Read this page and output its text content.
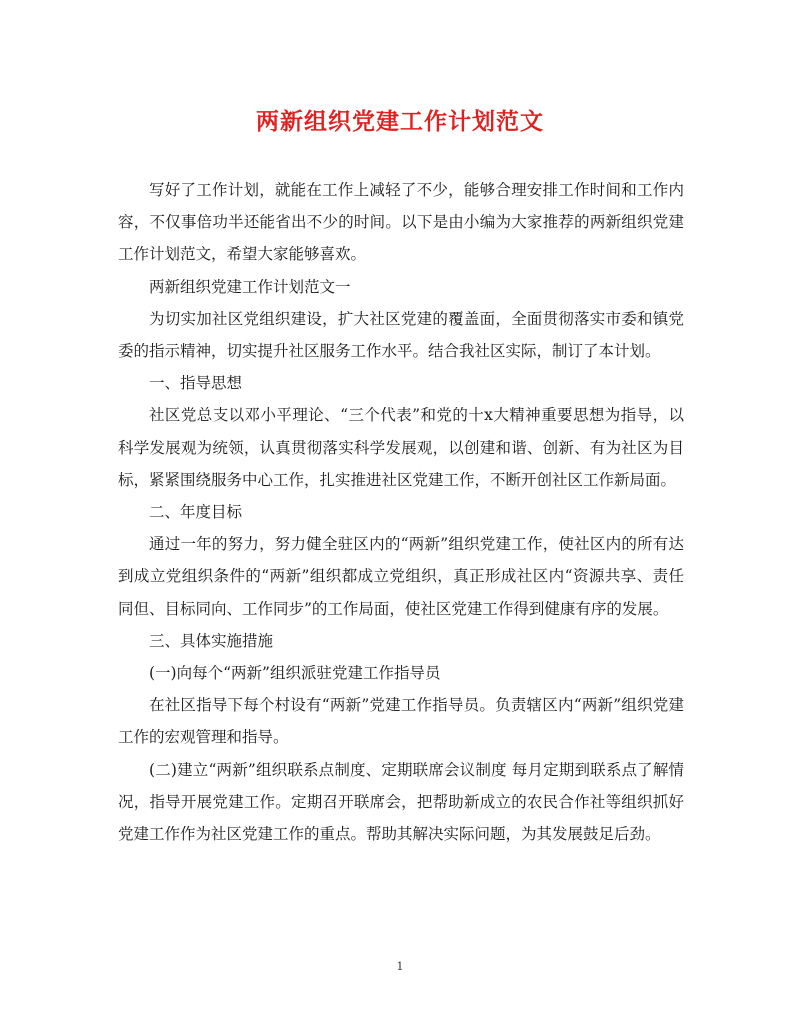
两新组织党建工作计划范文

写好了工作计划，就能在工作上减轻了不少，能够合理安排工作时间和工作内容，不仅事倍功半还能省出不少的时间。以下是由小编为大家推荐的两新组织党建工作计划范文，希望大家能够喜欢。

两新组织党建工作计划范文一

为切实加社区党组织建设，扩大社区党建的覆盖面，全面贯彻落实市委和镇党委的指示精神，切实提升社区服务工作水平。结合我社区实际，制订了本计划。

一、指导思想

社区党总支以邓小平理论、“三个代表”和党的十x大精神重要思想为指导，以科学发展观为统领，认真贯彻落实科学发展观，以创建和谐、创新、有为社区为目标，紧紧围绕服务中心工作，扎实推进社区党建工作，不断开创社区工作新局面。

二、年度目标

通过一年的努力，努力健全驻区内的“两新”组织党建工作，使社区内的所有达到成立党组织条件的“两新”组织都成立党组织，真正形成社区内“资源共享、责任同但、目标同向、工作同步”的工作局面，使社区党建工作得到健康有序的发展。

三、具体实施措施

(一)向每个“两新”组织派驻党建工作指导员

在社区指导下每个村设有“两新”党建工作指导员。负责辖区内“两新”组织党建工作的宏观管理和指导。

(二)建立“两新”组织联系点制度、定期联席会议制度 每月定期到联系点了解情况，指导开展党建工作。定期召开联席会，把帮助新成立的农民合作社等组织抓好党建工作作为社区党建工作的重点。帮助其解决实际问题，为其发展鼓足后劲。

1
